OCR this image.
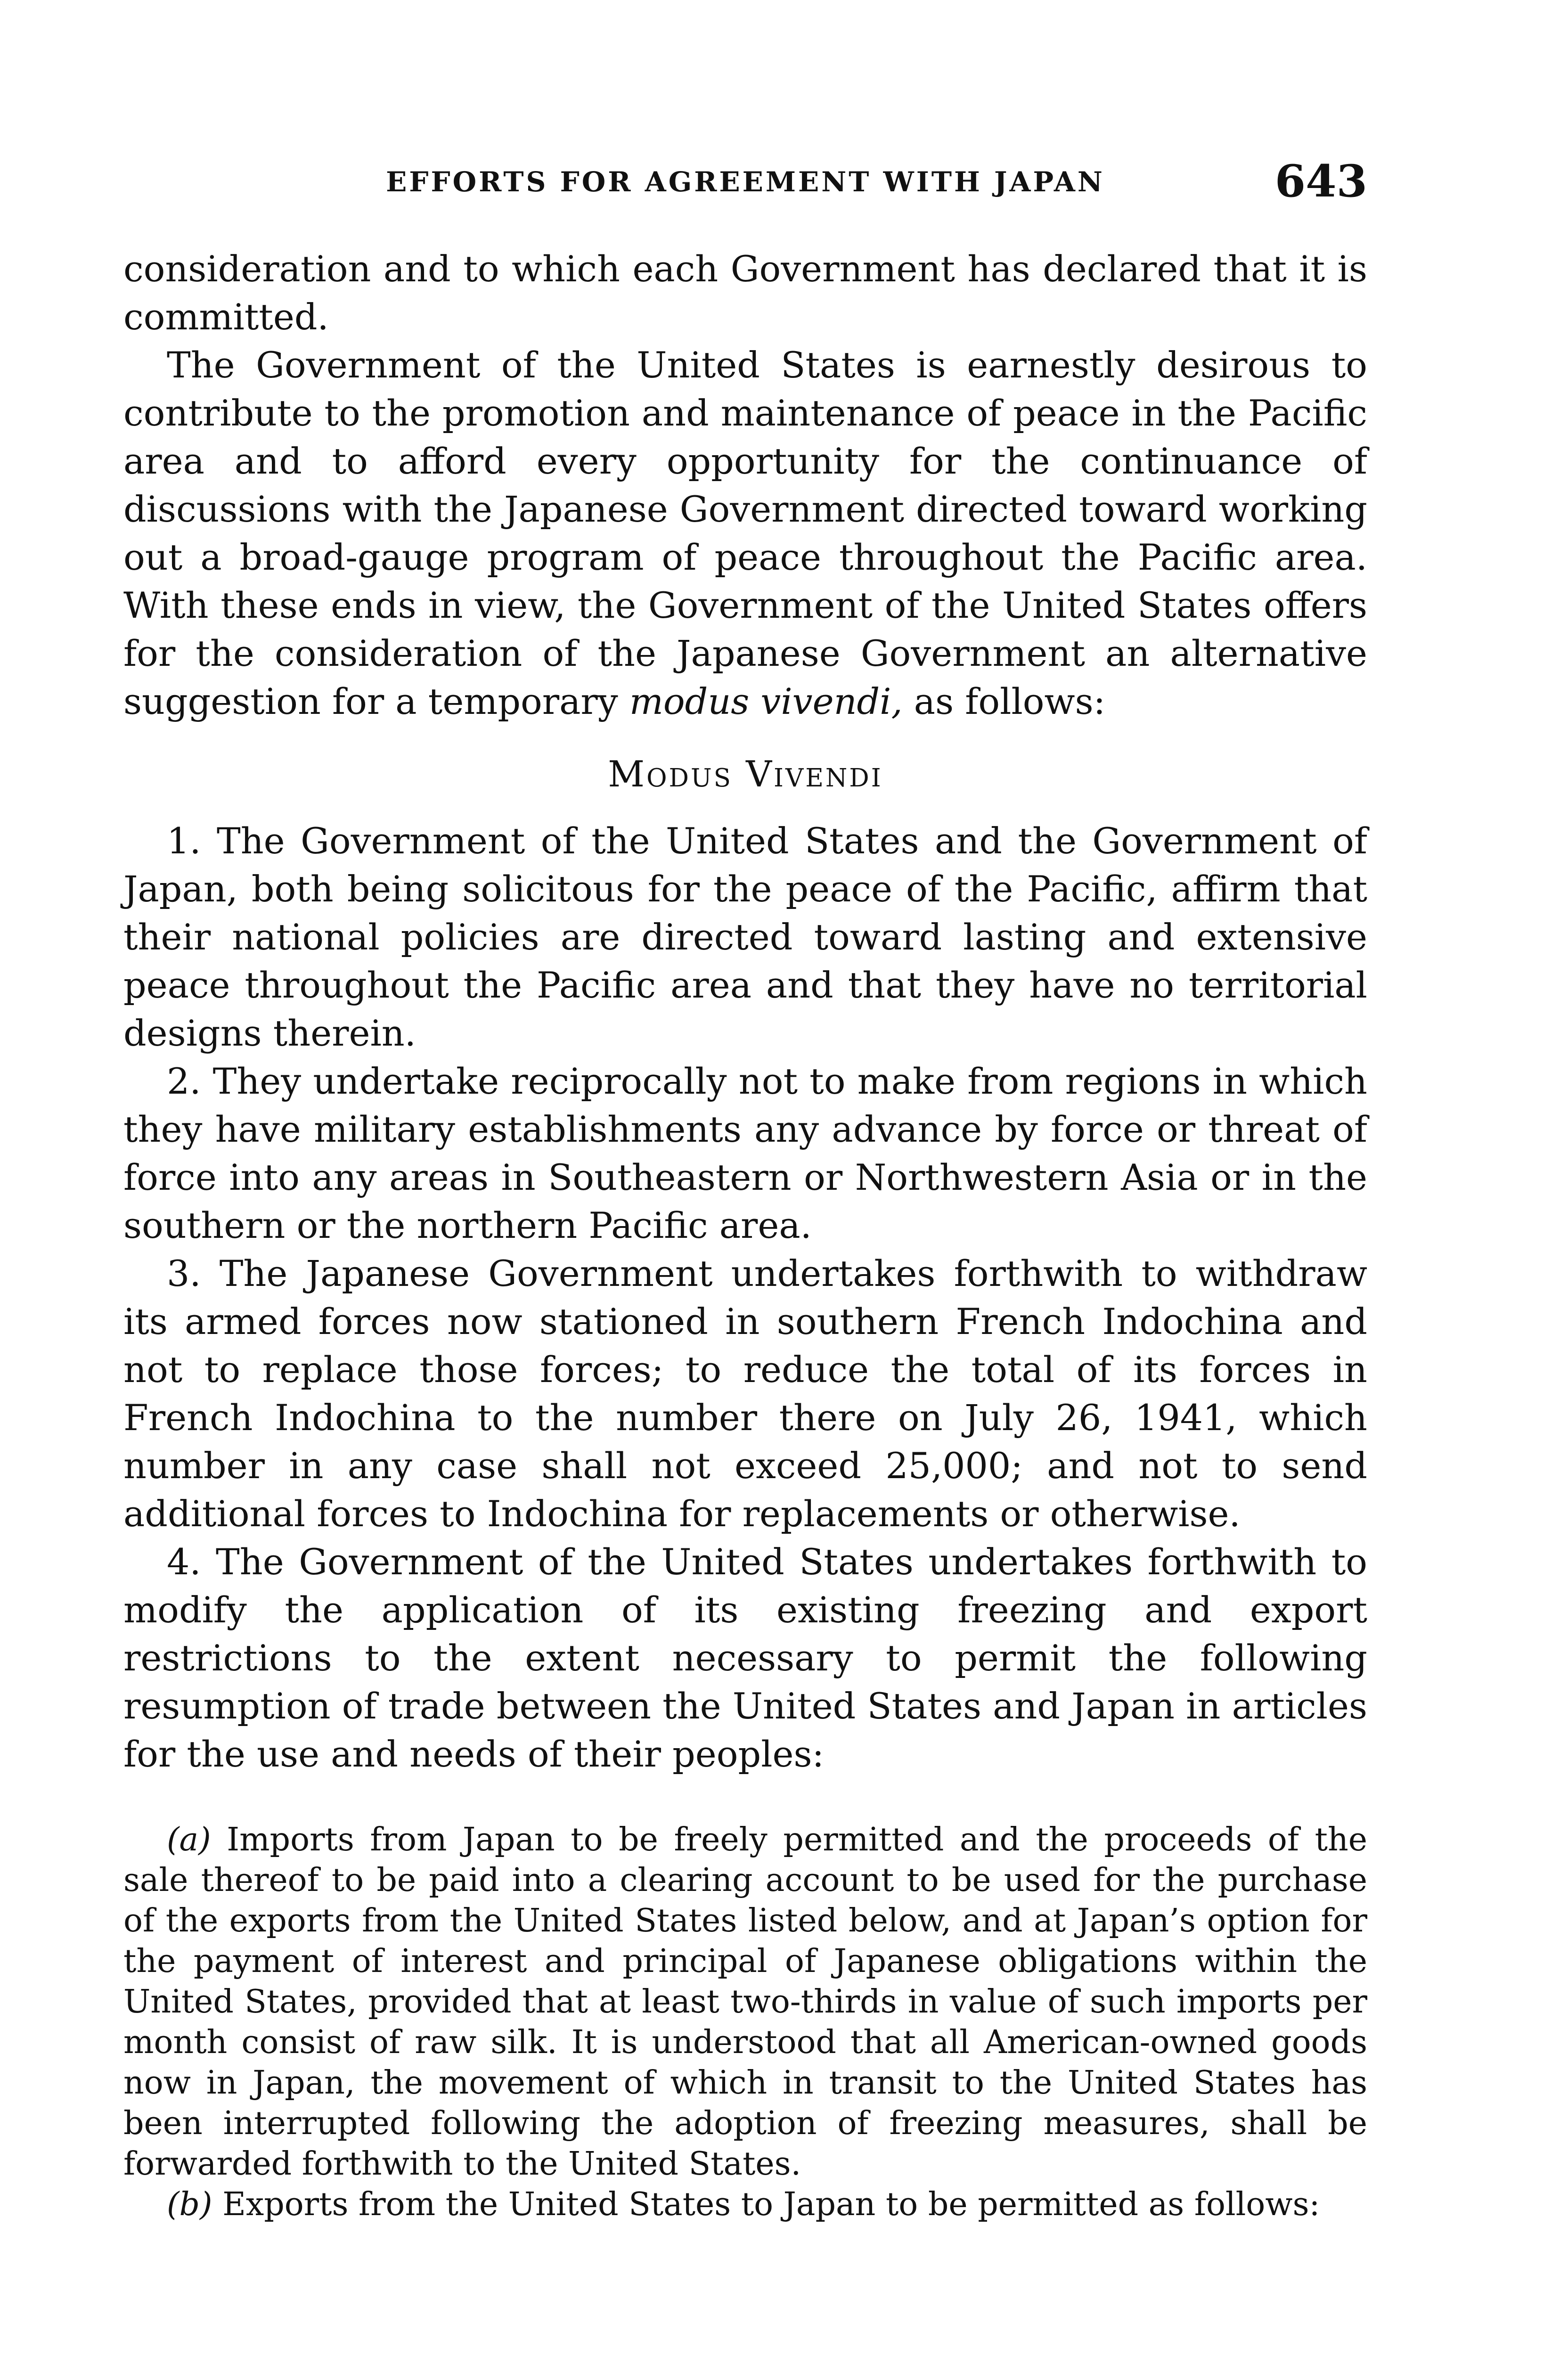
EFFORTS FOR AGREEMENT WITH JAPAN	643

consideration and to which each Government has declared that it is committed.

The Government of the United States is earnestly desirous to contribute to the promotion and maintenance of peace in the Pacific area and to afford every opportunity for the continuance of discussions with the Japanese Government directed toward working out a broad-gauge program of peace throughout the Pacific area. With these ends in view, the Government of the United States offers for the consideration of the Japanese Government an alternative suggestion for a temporary modus vivendi, as follows:

Modus Vivendi

1. The Government of the United States and the Government of Japan, both being solicitous for the peace of the Pacific, affirm that their national policies are directed toward lasting and extensive peace throughout the Pacific area and that they have no territorial designs therein.

2. They undertake reciprocally not to make from regions in which they have military establishments any advance by force or threat of force into any areas in Southeastern or Northwestern Asia or in the southern or the northern Pacific area.

3. The Japanese Government undertakes forthwith to withdraw its armed forces now stationed in southern French Indochina and not to replace those forces; to reduce the total of its forces in French Indochina to the number there on July 26, 1941, which number in any case shall not exceed 25,000; and not to send additional forces to Indochina for replacements or otherwise.

4. The Government of the United States undertakes forthwith to modify the application of its existing freezing and export restrictions to the extent necessary to permit the following resumption of trade between the United States and Japan in articles for the use and needs of their peoples:

(a) Imports from Japan to be freely permitted and the proceeds of the sale thereof to be paid into a clearing account to be used for the purchase of the exports from the United States listed below, and at Japan’s option for the payment of interest and principal of Japanese obligations within the United States, provided that at least two-thirds in value of such imports per month consist of raw silk. It is understood that all American-owned goods now in Japan, the movement of which in transit to the United States has been interrupted following the adoption of freezing measures, shall be forwarded forthwith to the United States.

(b) Exports from the United States to Japan to be permitted as follows:
